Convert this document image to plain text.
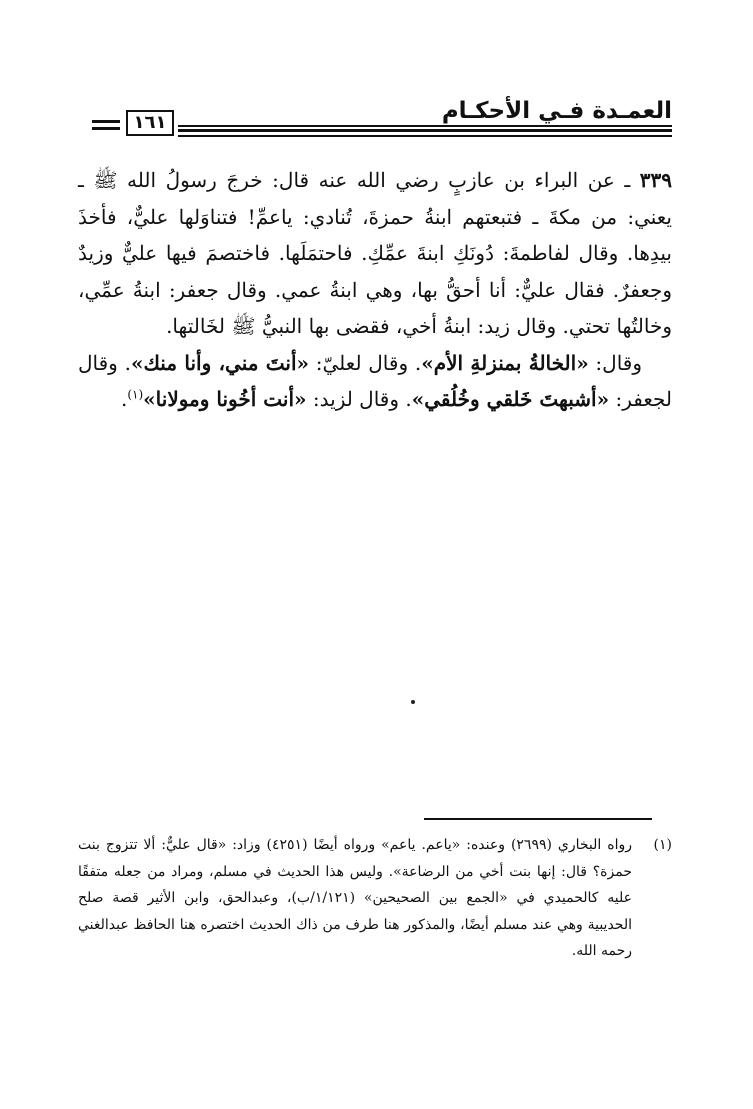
العمـدة فـي الأحكـام
١٦١

٣٣٩ ـ عن البراء بن عازبٍ رضي الله عنه قال: خرجَ رسولُ الله ﷺ ـ يعني: من مكةَ ـ فتبعتهم ابنةُ حمزةَ، تُنادي: ياعمِّ! فتناوَلها عليٌّ، فأخذَ بيدِها. وقال لفاطمةَ: دُونَكِ ابنةَ عمِّكِ. فاحتمَلَها. فاختصمَ فيها عليٌّ وزيدٌ وجعفرٌ. فقال عليٌّ: أنا أحقُّ بها، وهي ابنةُ عمي. وقال جعفر: ابنةُ عمِّي، وخالتُها تحتي. وقال زيد: ابنةُ أخي، فقضى بها النبيُّ ﷺ لخَالتها.

وقال: «الخالةُ بمنزلةِ الأم». وقال لعليّ: «أنتَ مني، وأنا منك». وقال لجعفر: «أشبهتَ خَلقي وخُلُقي». وقال لزيد: «أنت أخُونا ومولانا»$^{(١)}$.

(١)
رواه البخاري (٢٦٩٩) وعنده: «ياعم. ياعم» ورواه أيضًا (٤٢٥١) وزاد: «قال عليٌّ: ألا تتزوج بنت حمزة؟ قال: إنها بنت أخي من الرضاعة». وليس هذا الحديث في مسلم، ومراد من جعله متفقًا عليه كالحميدي في «الجمع بين الصحيحين» (١/١٢١/ب)، وعبدالحق، وابن الأثير قصة صلح الحديبية وهي عند مسلم أيضًا، والمذكور هنا طرف من ذاك الحديث اختصره هنا الحافظ عبدالغني رحمه الله.
